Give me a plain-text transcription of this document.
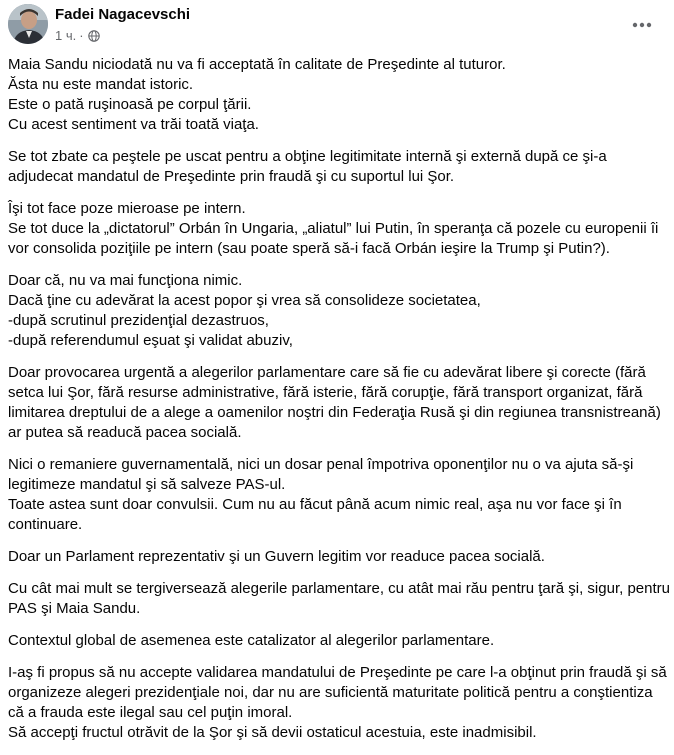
Fadei Nagacevschi
1 ч. ·
Maia Sandu niciodată nu va fi acceptată în calitate de Preşedinte al tuturor.
Ăsta nu este mandat istoric.
Este o pată ruşinoasă pe corpul ţării.
Cu acest sentiment va trăi toată viaţa.
Se tot zbate ca peştele pe uscat pentru a obţine legitimitate internă şi externă după ce şi-a
adjudecat mandatul de Preşedinte prin fraudă şi cu suportul lui Şor.
Îşi tot face poze mieroase pe intern.
Se tot duce la „dictatorul” Orbán în Ungaria, „aliatul” lui Putin, în speranţa că pozele cu europenii îi
vor consolida poziţiile pe intern (sau poate speră să-i facă Orbán ieşire la Trump şi Putin?).
Doar că, nu va mai funcţiona nimic.
Dacă ţine cu adevărat la acest popor şi vrea să consolideze societatea,
-după scrutinul prezidenţial dezastruos,
-după referendumul eşuat şi validat abuziv,
Doar provocarea urgentă a alegerilor parlamentare care să fie cu adevărat libere şi corecte (fără
setca lui Şor, fără resurse administrative, fără isterie, fără corupţie, fără transport organizat, fără
limitarea dreptului de a alege a oamenilor noştri din Federaţia Rusă şi din regiunea transnistreană)
ar putea să readucă pacea socială.
Nici o remaniere guvernamentală, nici un dosar penal împotriva oponenţilor nu o va ajuta să-şi
legitimeze mandatul şi să salveze PAS-ul.
Toate astea sunt doar convulsii. Cum nu au făcut până acum nimic real, aşa nu vor face şi în
continuare.
Doar un Parlament reprezentativ şi un Guvern legitim vor readuce pacea socială.
Cu cât mai mult se tergiversează alegerile parlamentare, cu atât mai rău pentru ţară şi, sigur, pentru
PAS şi Maia Sandu.
Contextul global de asemenea este catalizator al alegerilor parlamentare.
I-aş fi propus să nu accepte validarea mandatului de Preşedinte pe care l-a obţinut prin fraudă şi să
organizeze alegeri prezidenţiale noi, dar nu are suficientă maturitate politică pentru a conştientiza
că a frauda este ilegal sau cel puţin imoral.
Să accepţi fructul otrăvit de la Şor şi să devii ostaticul acestuia, este inadmisibil.
